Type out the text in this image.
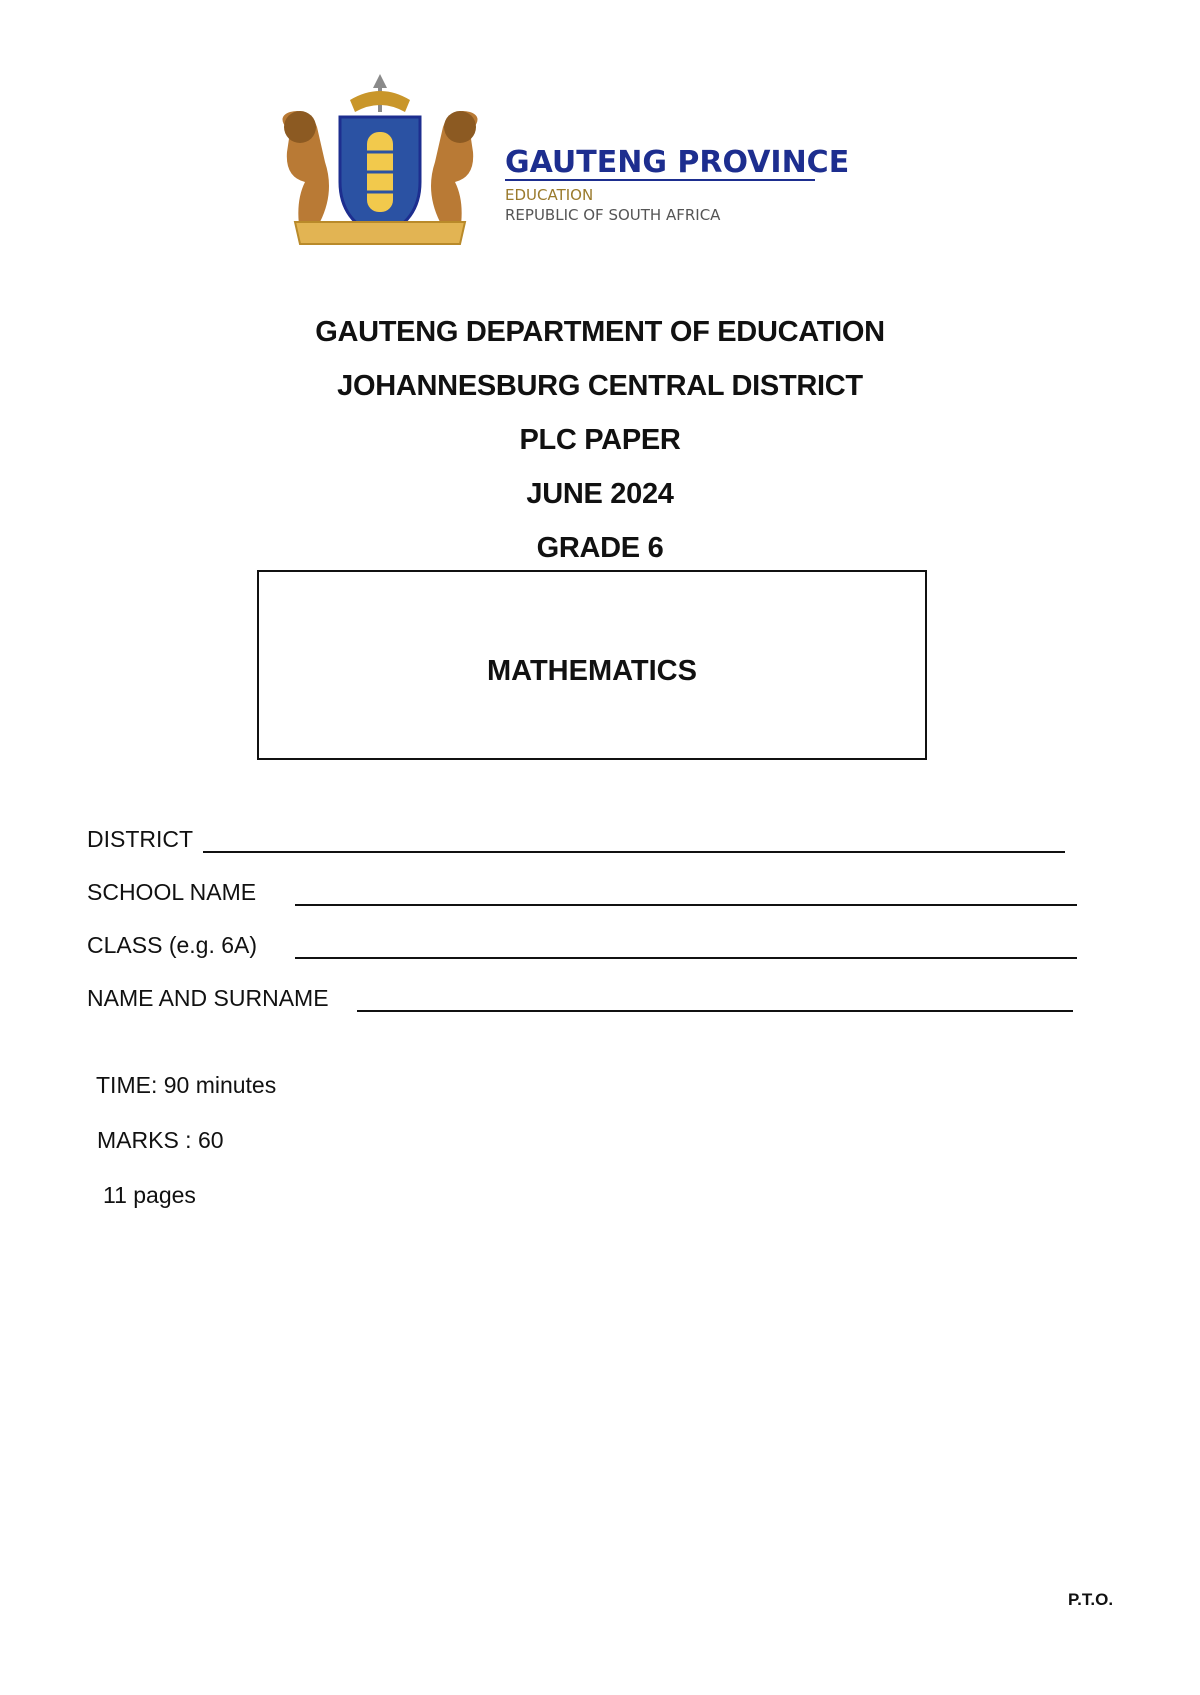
GAUTENG PROVINCE
EDUCATION
REPUBLIC OF SOUTH AFRICA
GAUTENG DEPARTMENT OF EDUCATION
JOHANNESBURG CENTRAL DISTRICT
PLC PAPER
JUNE 2024
GRADE 6
MATHEMATICS
DISTRICT
SCHOOL NAME
CLASS (e.g. 6A)
NAME AND SURNAME
TIME: 90 minutes
MARKS : 60
11 pages
P.T.O.
